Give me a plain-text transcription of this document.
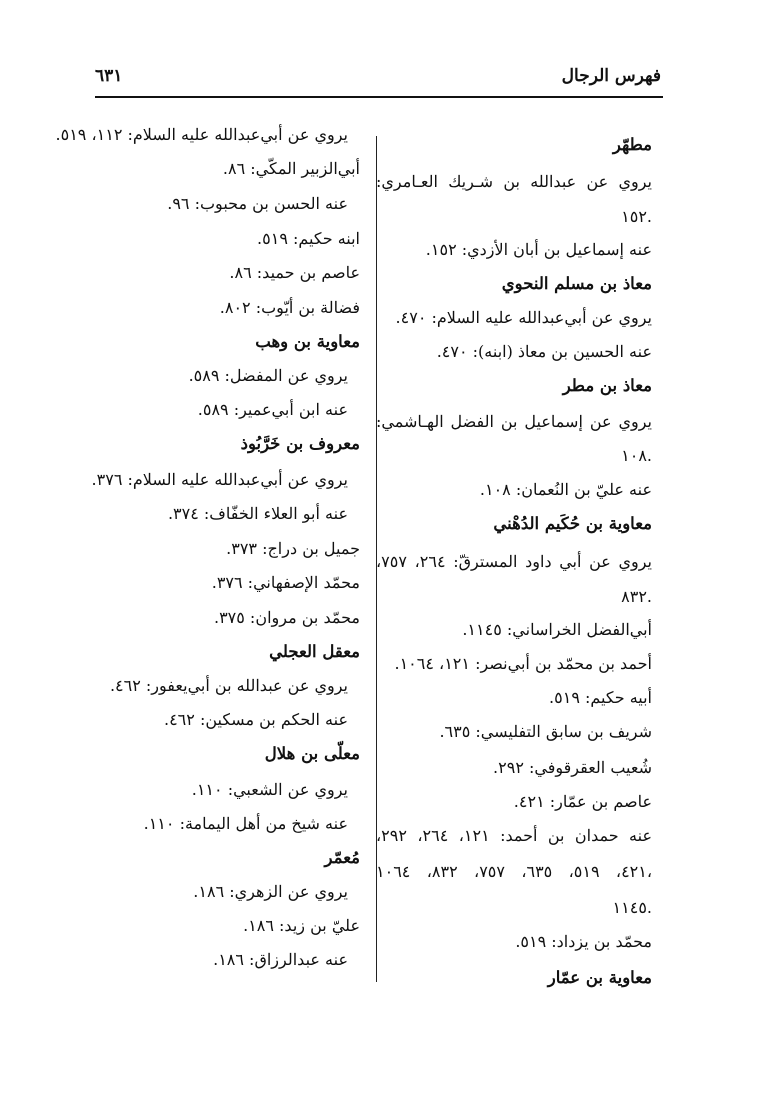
فهرس الرجال
٦٣١
مطهّر
يروي عن عبدالله بن شـريك العـامري:
١٥٢.
عنه إسماعيل بن أبان الأزدي: ١٥٢.
معاذ بن مسلم النحوي
يروي عن أبي‌عبدالله عليه السلام: ٤٧٠.
عنه الحسين بن معاذ (ابنه): ٤٧٠.
معاذ بن مطر
يروي عن إسماعيل بن الفضل الهـاشمي:
١٠٨.
عنه عليّ بن النُعمان: ١٠٨.
معاوية بن حُكَيم الدُهْني
يروي عن أبي داود المسترقّ: ٢٦٤، ٧٥٧،
٨٣٢.
أبي‌الفضل الخراساني: ١١٤٥.
أحمد بن محمّد بن أبي‌نصر: ١٢١، ١٠٦٤.
أبيه حكيم: ٥١٩.
شريف بن سابق التفليسي: ٦٣٥.
شُعيب العقرقوفي: ٢٩٢.
عاصم بن عمّار: ٤٢١.
عنه حمدان بن أحمد: ١٢١، ٢٦٤، ٢٩٢،
٤٢١، ٥١٩، ٦٣٥، ٧٥٧، ٨٣٢، ١٠٦٤،
١١٤٥.
محمّد بن يزداد: ٥١٩.
معاوية بن عمّار
يروي عن أبي‌عبدالله عليه السلام: ١١٢، ٥١٩.
أبي‌الزبير المكّي: ٨٦.
عنه الحسن بن محبوب: ٩٦.
ابنه حكيم: ٥١٩.
عاصم بن حميد: ٨٦.
فضالة بن أيّوب: ٨٠٢.
معاوية بن وهب
يروي عن المفضل: ٥٨٩.
عنه ابن أبي‌عمير: ٥٨٩.
معروف بن خَرَّبُوذ
يروي عن أبي‌عبدالله عليه السلام: ٣٧٦.
عنه أبو العلاء الخفّاف: ٣٧٤.
جميل بن دراج: ٣٧٣.
محمّد الإصفهاني: ٣٧٦.
محمّد بن مروان: ٣٧٥.
معقل العجلي
يروي عن عبدالله بن أبي‌يعفور: ٤٦٢.
عنه الحكم بن مسكين: ٤٦٢.
معلّى بن هلال
يروي عن الشعبي: ١١٠.
عنه شيخ من أهل اليمامة: ١١٠.
مُعمّر
يروي عن الزهري: ١٨٦.
عليّ بن زيد: ١٨٦.
عنه عبدالرزاق: ١٨٦.
